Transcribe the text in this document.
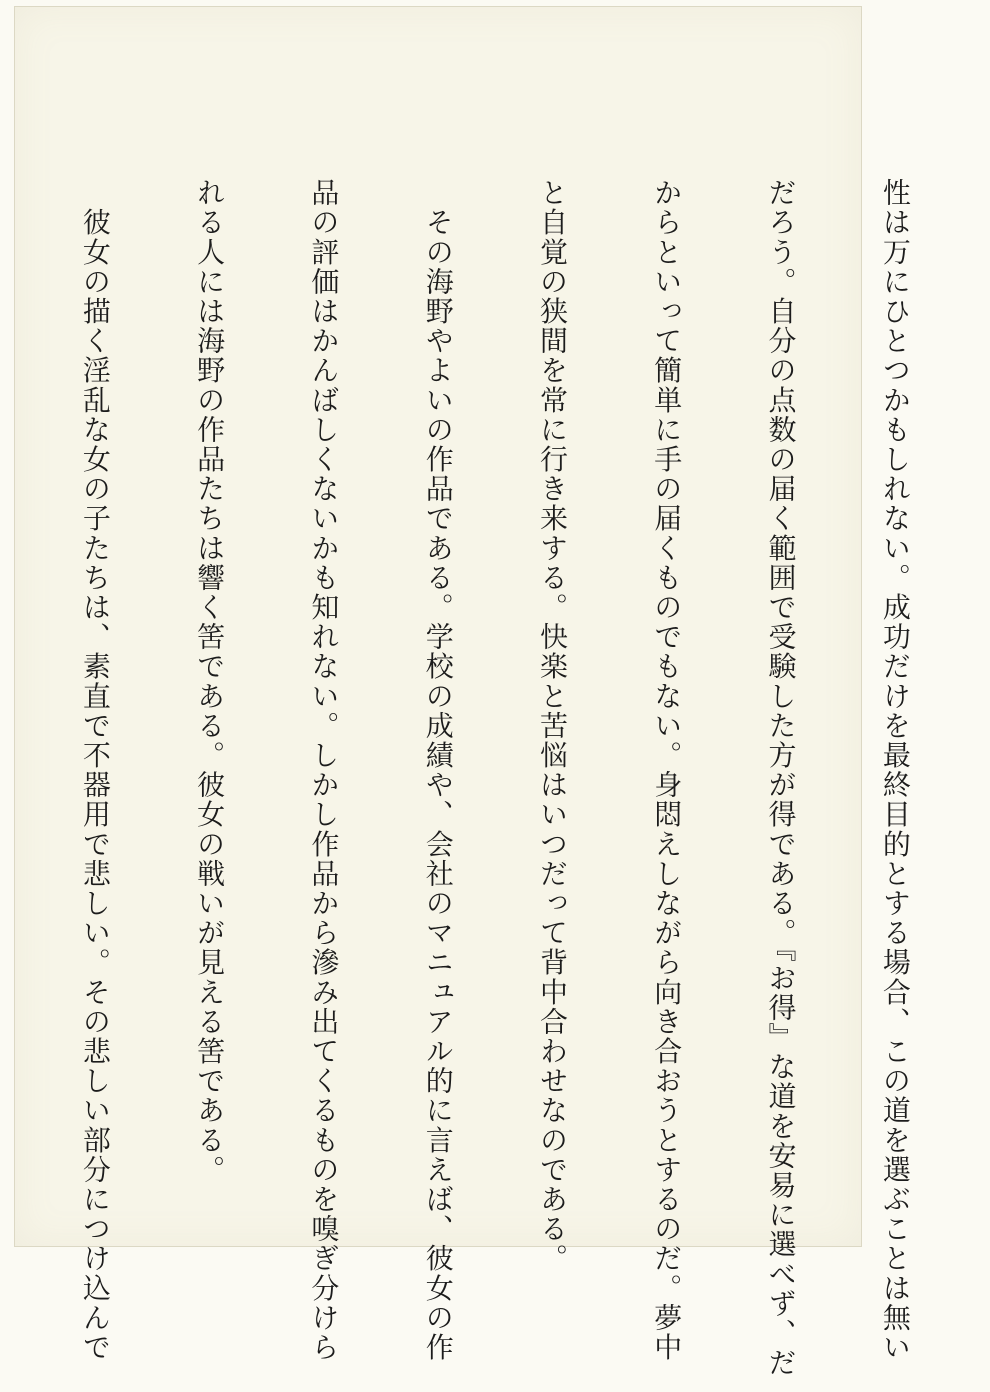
性は万にひとつかもしれない。成功だけを最終目的とする場合、この道を選ぶことは無い

だろう。自分の点数の届く範囲で受験した方が得である。『お得』な道を安易に選べず、だ

からといって簡単に手の届くものでもない。身悶えしながら向き合おうとするのだ。夢中

と自覚の狭間を常に行き来する。快楽と苦悩はいつだって背中合わせなのである。

　その海野やよいの作品である。学校の成績や、会社のマニュアル的に言えば、彼女の作

品の評価はかんばしくないかも知れない。しかし作品から滲み出てくるものを嗅ぎ分けら

れる人には海野の作品たちは響く筈である。彼女の戦いが見える筈である。

　彼女の描く淫乱な女の子たちは、素直で不器用で悲しい。その悲しい部分につけ込んで
